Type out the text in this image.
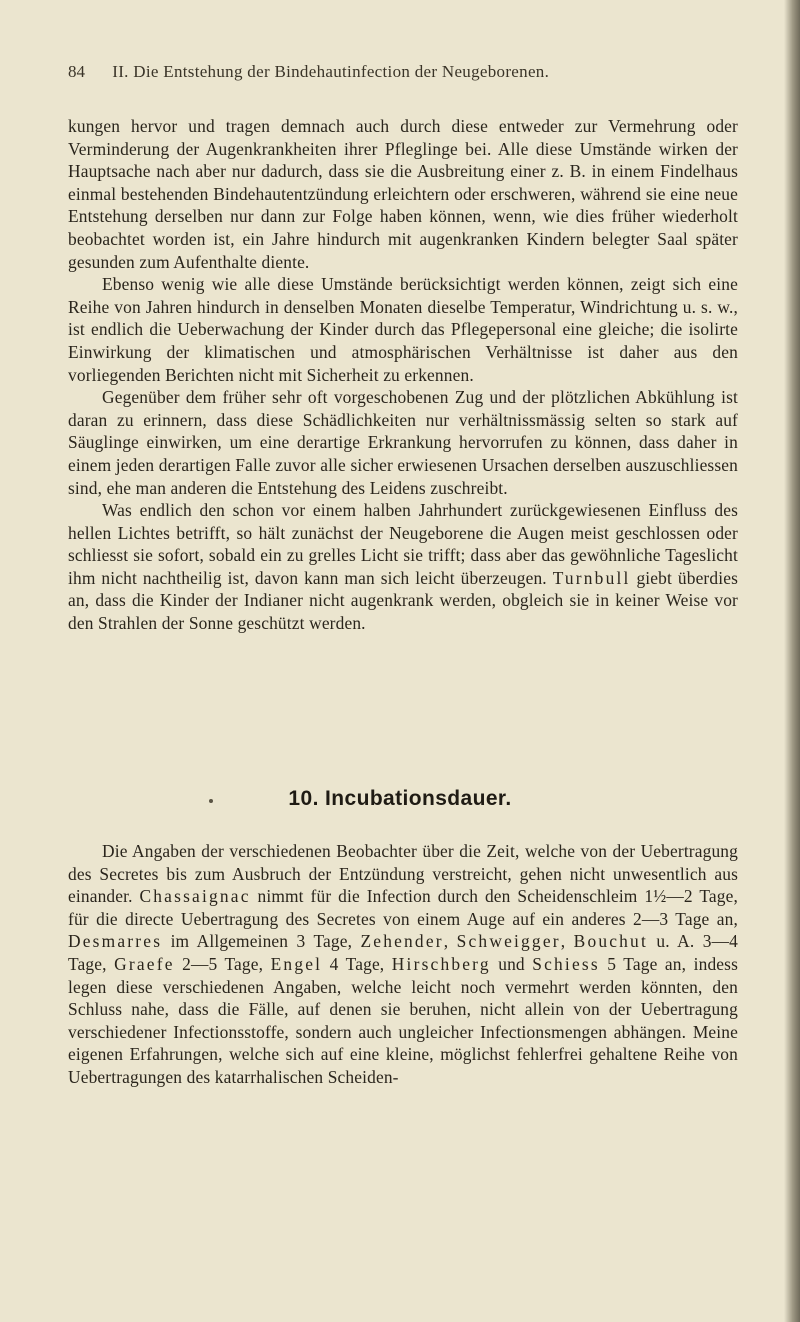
84 II. Die Entstehung der Bindehautinfection der Neugeborenen.

kungen hervor und tragen demnach auch durch diese entweder zur Vermehrung oder Verminderung der Augenkrankheiten ihrer Pfleglinge bei. Alle diese Umstände wirken der Hauptsache nach aber nur dadurch, dass sie die Ausbreitung einer z. B. in einem Findelhaus einmal bestehenden Bindehautentzündung erleichtern oder erschweren, während sie eine neue Entstehung derselben nur dann zur Folge haben können, wenn, wie dies früher wiederholt beobachtet worden ist, ein Jahre hindurch mit augenkranken Kindern belegter Saal später gesunden zum Aufenthalte diente.

Ebenso wenig wie alle diese Umstände berücksichtigt werden können, zeigt sich eine Reihe von Jahren hindurch in denselben Monaten dieselbe Temperatur, Windrichtung u. s. w., ist endlich die Ueberwachung der Kinder durch das Pflegepersonal eine gleiche; die isolirte Einwirkung der klimatischen und atmosphärischen Verhältnisse ist daher aus den vorliegenden Berichten nicht mit Sicherheit zu erkennen.

Gegenüber dem früher sehr oft vorgeschobenen Zug und der plötzlichen Abkühlung ist daran zu erinnern, dass diese Schädlichkeiten nur verhältnissmässig selten so stark auf Säuglinge einwirken, um eine derartige Erkrankung hervorrufen zu können, dass daher in einem jeden derartigen Falle zuvor alle sicher erwiesenen Ursachen derselben auszuschliessen sind, ehe man anderen die Entstehung des Leidens zuschreibt.

Was endlich den schon vor einem halben Jahrhundert zurückgewiesenen Einfluss des hellen Lichtes betrifft, so hält zunächst der Neugeborene die Augen meist geschlossen oder schliesst sie sofort, sobald ein zu grelles Licht sie trifft; dass aber das gewöhnliche Tageslicht ihm nicht nachtheilig ist, davon kann man sich leicht überzeugen. Turnbull giebt überdies an, dass die Kinder der Indianer nicht augenkrank werden, obgleich sie in keiner Weise vor den Strahlen der Sonne geschützt werden.

10. Incubationsdauer.

Die Angaben der verschiedenen Beobachter über die Zeit, welche von der Uebertragung des Secretes bis zum Ausbruch der Entzündung verstreicht, gehen nicht unwesentlich aus einander. Chassaignac nimmt für die Infection durch den Scheidenschleim 1½—2 Tage, für die directe Uebertragung des Secretes von einem Auge auf ein anderes 2—3 Tage an, Desmarres im Allgemeinen 3 Tage, Zehender, Schweigger, Bouchut u. A. 3—4 Tage, Graefe 2—5 Tage, Engel 4 Tage, Hirschberg und Schiess 5 Tage an, indess legen diese verschiedenen Angaben, welche leicht noch vermehrt werden könnten, den Schluss nahe, dass die Fälle, auf denen sie beruhen, nicht allein von der Uebertragung verschiedener Infectionsstoffe, sondern auch ungleicher Infectionsmengen abhängen. Meine eigenen Erfahrungen, welche sich auf eine kleine, möglichst fehlerfrei gehaltene Reihe von Uebertragungen des katarrhalischen Scheiden-
